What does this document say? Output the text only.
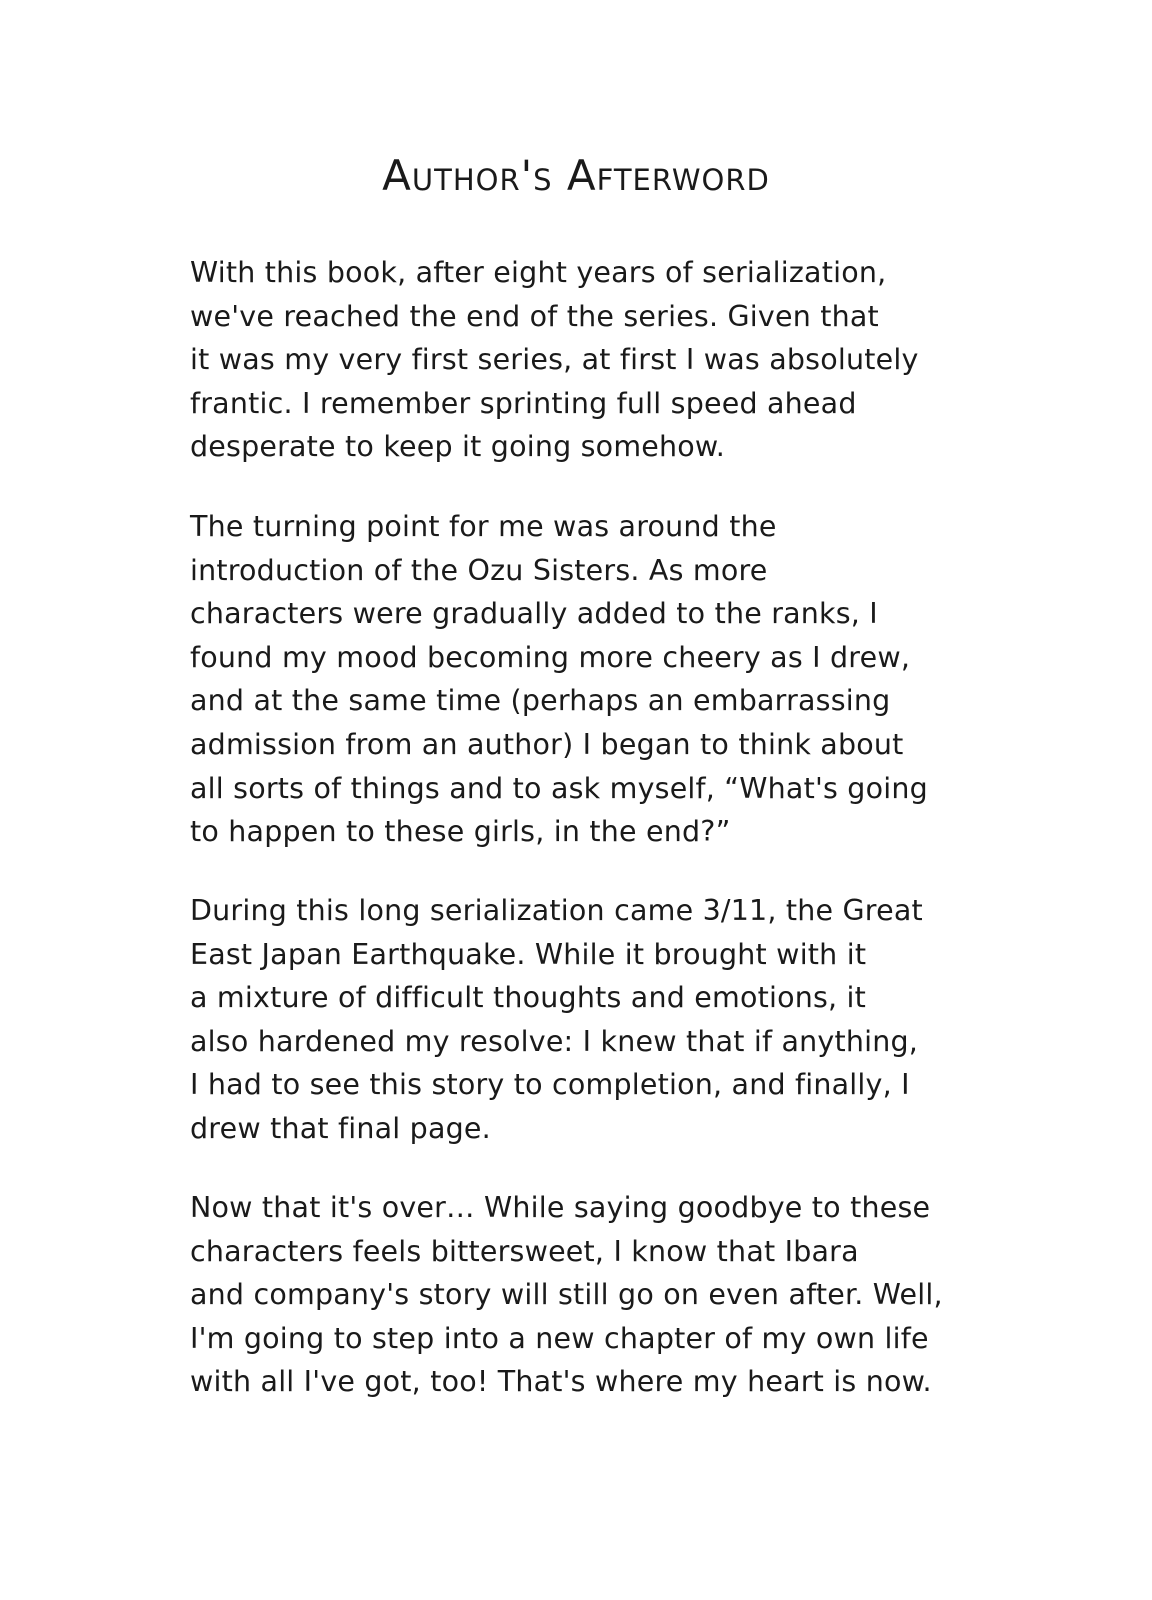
Author's Afterword

With this book, after eight years of serialization,
we've reached the end of the series. Given that
it was my very first series, at first I was absolutely
frantic. I remember sprinting full speed ahead
desperate to keep it going somehow.

The turning point for me was around the
introduction of the Ozu Sisters. As more
characters were gradually added to the ranks, I
found my mood becoming more cheery as I drew,
and at the same time (perhaps an embarrassing
admission from an author) I began to think about
all sorts of things and to ask myself, “What's going
to happen to these girls, in the end?”

During this long serialization came 3/11, the Great
East Japan Earthquake. While it brought with it
a mixture of difficult thoughts and emotions, it
also hardened my resolve: I knew that if anything,
I had to see this story to completion, and finally, I
drew that final page.

Now that it's over… While saying goodbye to these
characters feels bittersweet, I know that Ibara
and company's story will still go on even after. Well,
I'm going to step into a new chapter of my own life
with all I've got, too! That's where my heart is now.
